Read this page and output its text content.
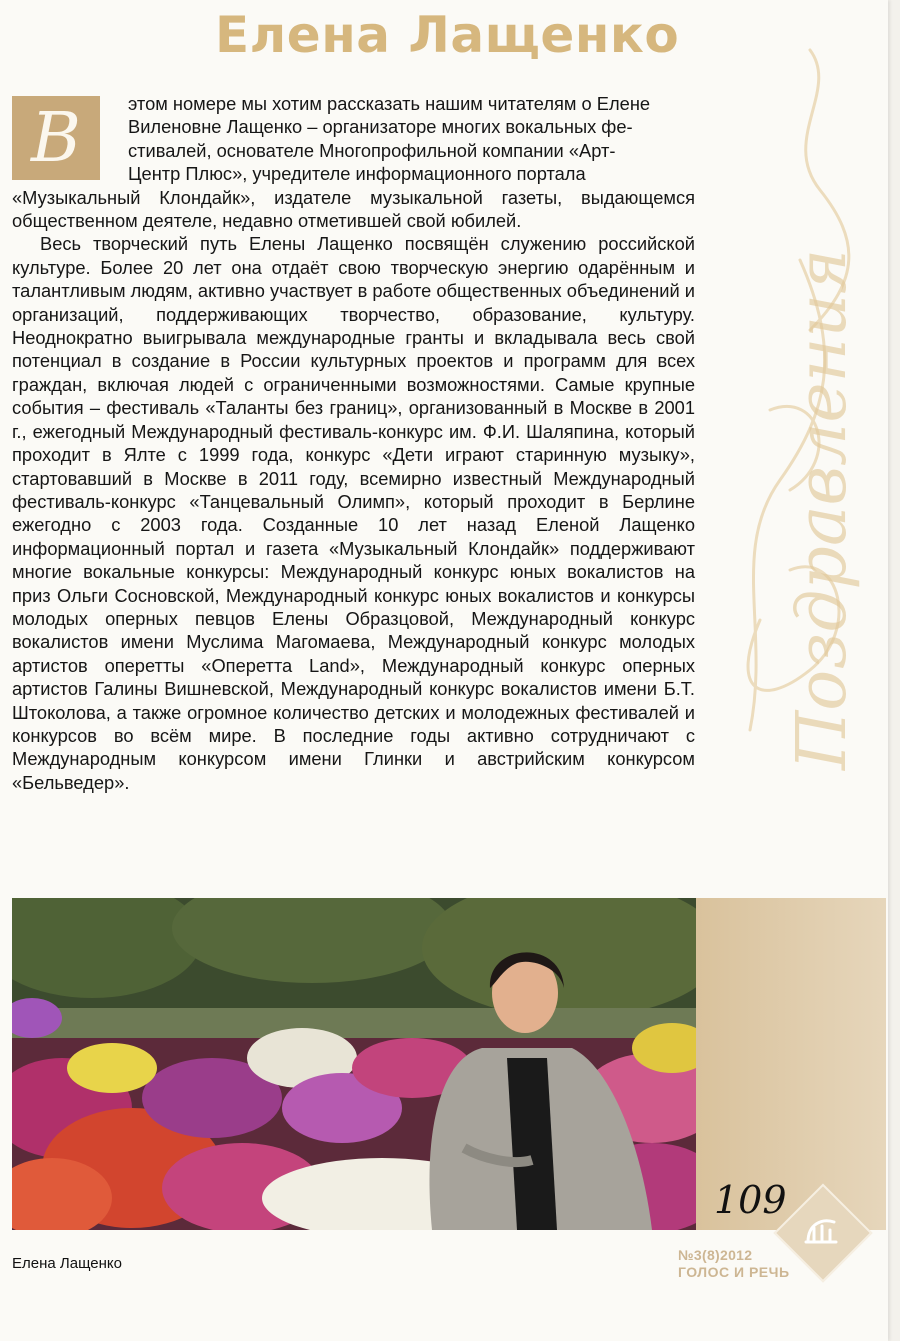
Елена Лащенко
В
Поздравления

этом номере мы хотим рассказать нашим читателям о Елене

Виленовне Лащенко – организаторе многих вокальных фе-

стивалей, основателе Многопрофильной компании «Арт-

Центр Плюс», учредителе информационного портала

«Музыкальный Клондайк», издателе музыкальной газеты, выдающемся общественном деятеле, недавно отметившей свой юбилей.

Весь творческий путь Елены Лащенко посвящён служению российской культуре. Более 20 лет она отдаёт свою творческую энергию одарённым и талантливым людям, активно участвует в работе общественных объединений и организаций, поддерживающих творчество, образование, культуру. Неоднократно выигрывала международные гранты и вкладывала весь свой потенциал в создание в России культурных проектов и программ для всех граждан, включая людей с ограниченными возможностями. Самые крупные события – фестиваль «Таланты без границ», организованный в Москве в 2001 г., ежегодный Международный фестиваль-конкурс им. Ф.И. Шаляпина, который проходит в Ялте с 1999 года, конкурс «Дети играют старинную музыку», стартовавший в Москве в 2011 году, всемирно известный Международный фестиваль-конкурс «Танцевальный Олимп», который проходит в Берлине ежегодно с 2003 года. Созданные 10 лет назад Еленой Лащенко информационный портал и газета «Музыкальный Клондайк» поддерживают многие вокальные конкурсы: Международный конкурс юных вокалистов на приз Ольги Сосновской, Международный конкурс юных вокалистов и конкурсы молодых оперных певцов Елены Образцовой, Международный конкурс вокалистов имени Муслима Магомаева, Международный конкурс молодых артистов оперетты «Оперетта Land», Международный конкурс оперных артистов Галины Вишневской, Международный конкурс вокалистов имени Б.Т. Штоколова, а также огромное количество детских и молодежных фестивалей и конкурсов во всём мире. В последние годы активно сотрудничают с Международным конкурсом имени Глинки и австрийским конкурсом «Бельведер».

109

№3(8)2012

ГОЛОС И РЕЧЬ

Елена Лащенко
